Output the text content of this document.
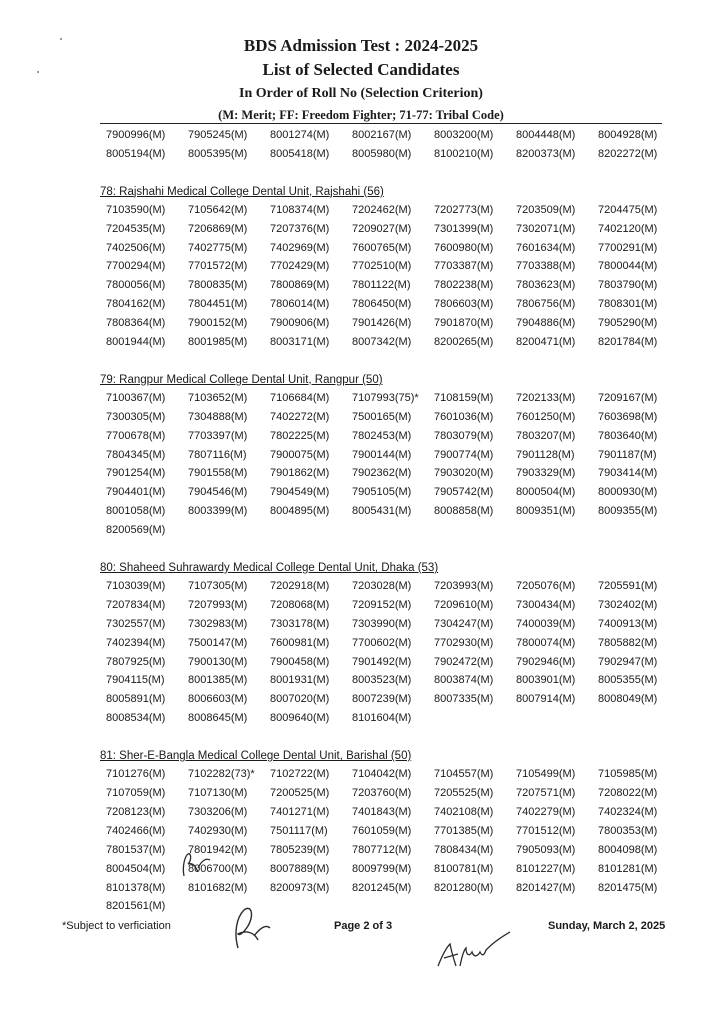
BDS Admission Test : 2024-2025
List of Selected Candidates
In Order of Roll No (Selection Criterion)
(M: Merit; FF: Freedom Fighter; 71-77: Tribal Code)
7900996(M)	7905245(M)	8001274(M)	8002167(M)	8003200(M)	8004448(M)	8004928(M)
8005194(M)	8005395(M)	8005418(M)	8005980(M)	8100210(M)	8200373(M)	8202272(M)
78: Rajshahi Medical College Dental Unit, Rajshahi (56)
7103590(M)	7105642(M)	7108374(M)	7202462(M)	7202773(M)	7203509(M)	7204475(M)
7204535(M)	7206869(M)	7207376(M)	7209027(M)	7301399(M)	7302071(M)	7402120(M)
7402506(M)	7402775(M)	7402969(M)	7600765(M)	7600980(M)	7601634(M)	7700291(M)
7700294(M)	7701572(M)	7702429(M)	7702510(M)	7703387(M)	7703388(M)	7800044(M)
7800056(M)	7800835(M)	7800869(M)	7801122(M)	7802238(M)	7803623(M)	7803790(M)
7804162(M)	7804451(M)	7806014(M)	7806450(M)	7806603(M)	7806756(M)	7808301(M)
7808364(M)	7900152(M)	7900906(M)	7901426(M)	7901870(M)	7904886(M)	7905290(M)
8001944(M)	8001985(M)	8003171(M)	8007342(M)	8200265(M)	8200471(M)	8201784(M)
79: Rangpur Medical College Dental Unit, Rangpur (50)
7100367(M)	7103652(M)	7106684(M)	7107993(75)*	7108159(M)	7202133(M)	7209167(M)
7300305(M)	7304888(M)	7402272(M)	7500165(M)	7601036(M)	7601250(M)	7603698(M)
7700678(M)	7703397(M)	7802225(M)	7802453(M)	7803079(M)	7803207(M)	7803640(M)
7804345(M)	7807116(M)	7900075(M)	7900144(M)	7900774(M)	7901128(M)	7901187(M)
7901254(M)	7901558(M)	7901862(M)	7902362(M)	7903020(M)	7903329(M)	7903414(M)
7904401(M)	7904546(M)	7904549(M)	7905105(M)	7905742(M)	8000504(M)	8000930(M)
8001058(M)	8003399(M)	8004895(M)	8005431(M)	8008858(M)	8009351(M)	8009355(M)
8200569(M)
80: Shaheed Suhrawardy Medical College Dental Unit, Dhaka (53)
7103039(M)	7107305(M)	7202918(M)	7203028(M)	7203993(M)	7205076(M)	7205591(M)
7207834(M)	7207993(M)	7208068(M)	7209152(M)	7209610(M)	7300434(M)	7302402(M)
7302557(M)	7302983(M)	7303178(M)	7303990(M)	7304247(M)	7400039(M)	7400913(M)
7402394(M)	7500147(M)	7600981(M)	7700602(M)	7702930(M)	7800074(M)	7805882(M)
7807925(M)	7900130(M)	7900458(M)	7901492(M)	7902472(M)	7902946(M)	7902947(M)
7904115(M)	8001385(M)	8001931(M)	8003523(M)	8003874(M)	8003901(M)	8005355(M)
8005891(M)	8006603(M)	8007020(M)	8007239(M)	8007335(M)	8007914(M)	8008049(M)
8008534(M)	8008645(M)	8009640(M)	8101604(M)
81: Sher-E-Bangla Medical College Dental Unit, Barishal (50)
7101276(M)	7102282(73)*	7102722(M)	7104042(M)	7104557(M)	7105499(M)	7105985(M)
7107059(M)	7107130(M)	7200525(M)	7203760(M)	7205525(M)	7207571(M)	7208022(M)
7208123(M)	7303206(M)	7401271(M)	7401843(M)	7402108(M)	7402279(M)	7402324(M)
7402466(M)	7402930(M)	7501117(M)	7601059(M)	7701385(M)	7701512(M)	7800353(M)
7801537(M)	7801942(M)	7805239(M)	7807712(M)	7808434(M)	7905093(M)	8004098(M)
8004504(M)	8006700(M)	8007889(M)	8009799(M)	8100781(M)	8101227(M)	8101281(M)
8101378(M)	8101682(M)	8200973(M)	8201245(M)	8201280(M)	8201427(M)	8201475(M)
8201561(M)
*Subject to verficiation	Page 2 of 3	Sunday, March 2, 2025
